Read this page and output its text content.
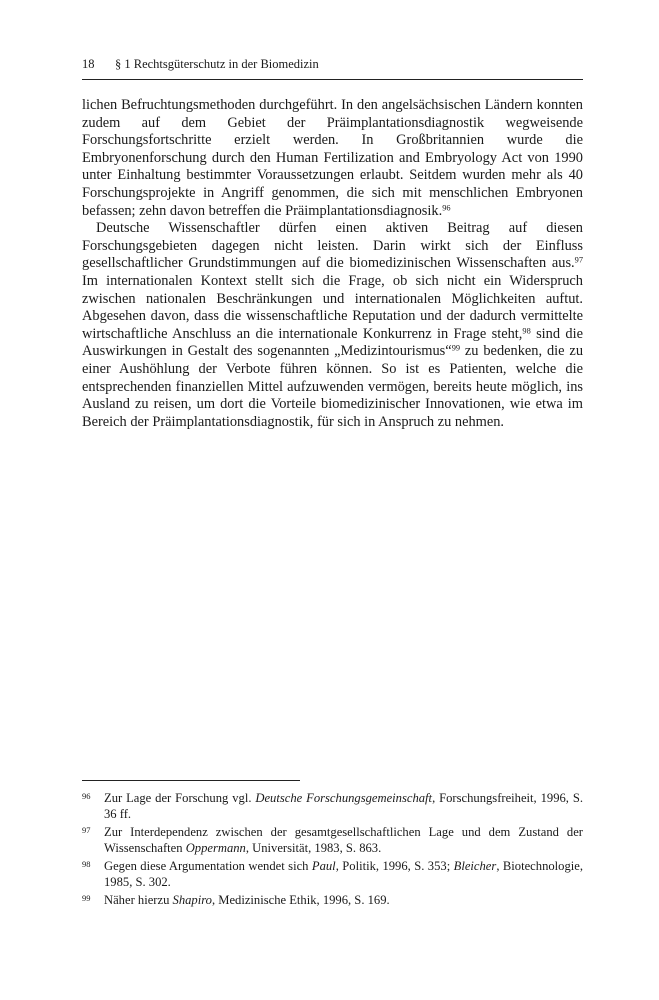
18 § 1 Rechtsgüterschutz in der Biomedizin

lichen Befruchtungsmethoden durchgeführt. In den angelsächsischen Ländern konnten zudem auf dem Gebiet der Präimplantationsdiagnostik wegweisende Forschungsfortschritte erzielt werden. In Großbritannien wurde die Embryonenforschung durch den Human Fertilization and Embryology Act von 1990 unter Einhaltung bestimmter Voraussetzungen erlaubt. Seitdem wurden mehr als 40 Forschungsprojekte in Angriff genommen, die sich mit menschlichen Embryonen befassen; zehn davon betreffen die Präimplantationsdiagnosik.$^{96}$

Deutsche Wissenschaftler dürfen einen aktiven Beitrag auf diesen Forschungsgebieten dagegen nicht leisten. Darin wirkt sich der Einfluss gesellschaftlicher Grundstimmungen auf die biomedizinischen Wissenschaften aus.$^{97}$ Im internationalen Kontext stellt sich die Frage, ob sich nicht ein Widerspruch zwischen nationalen Beschränkungen und internationalen Möglichkeiten auftut. Abgesehen davon, dass die wissenschaftliche Reputation und der dadurch vermittelte wirtschaftliche Anschluss an die internationale Konkurrenz in Frage steht,$^{98}$ sind die Auswirkungen in Gestalt des sogenannten „Medizintourismus“$^{99}$ zu bedenken, die zu einer Aushöhlung der Verbote führen können. So ist es Patienten, welche die entsprechenden finanziellen Mittel aufzuwenden vermögen, bereits heute möglich, ins Ausland zu reisen, um dort die Vorteile biomedizinischer Innovationen, wie etwa im Bereich der Präimplantationsdiagnostik, für sich in Anspruch zu nehmen.

96 Zur Lage der Forschung vgl. Deutsche Forschungsgemeinschaft, Forschungsfreiheit, 1996, S. 36 ff.
97 Zur Interdependenz zwischen der gesamtgesellschaftlichen Lage und dem Zustand der Wissenschaften Oppermann, Universität, 1983, S. 863.
98 Gegen diese Argumentation wendet sich Paul, Politik, 1996, S. 353; Bleicher, Biotechnologie, 1985, S. 302.
99 Näher hierzu Shapiro, Medizinische Ethik, 1996, S. 169.
